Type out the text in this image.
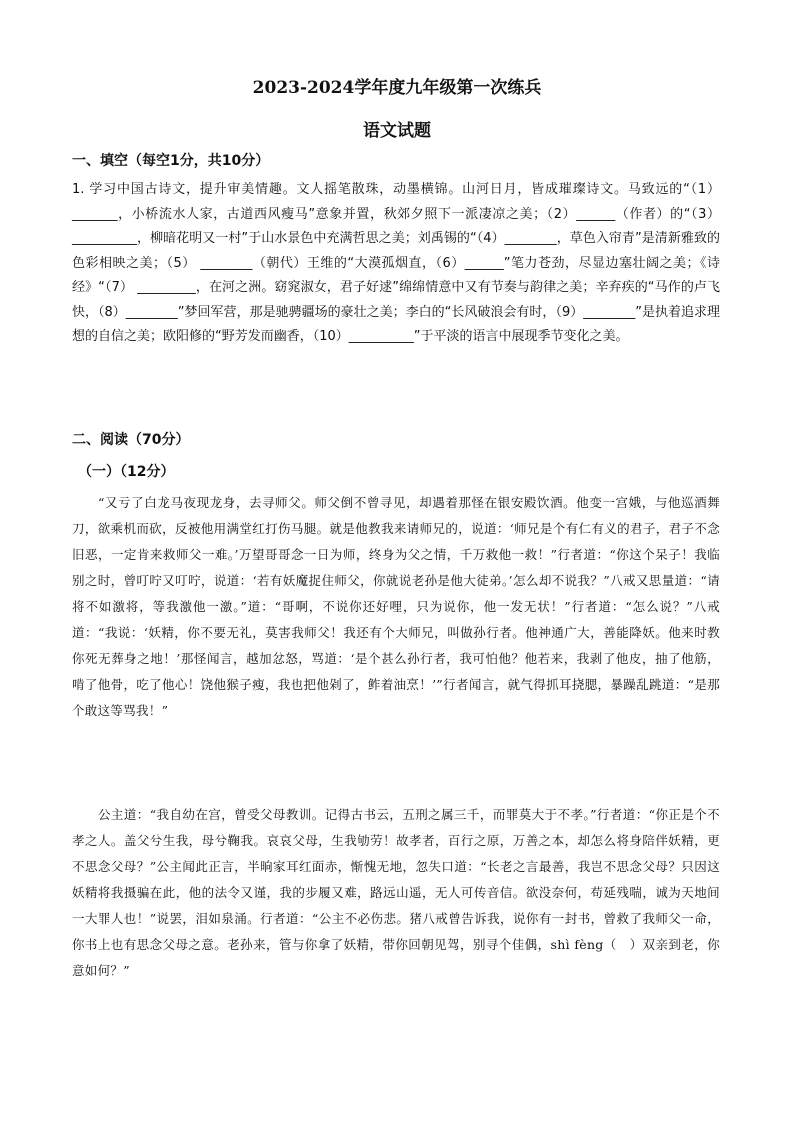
2023-2024学年度九年级第一次练兵
语文试题
一、填空（每空1分，共10分）

1. 学习中国古诗文，提升审美情趣。文人摇笔散珠，动墨横锦。山河日月，皆成璀璨诗文。马致远的“（1）_______，小桥流水人家，古道西风瘦马”意象并置，秋郊夕照下一派凄凉之美；（2）______（作者）的“（3）__________，柳暗花明又一村”于山水景色中充满哲思之美；刘禹锡的“（4）________，草色入帘青”是清新雅致的色彩相映之美；（5） ________（朝代）王维的“大漠孤烟直，（6）______”笔力苍劲，尽显边塞壮阔之美；《诗经》“（7） _________，在河之洲。窈窕淑女，君子好逑”绵绵情意中又有节奏与韵律之美；辛弃疾的“马作的卢飞快，（8）________”梦回军营，那是驰骋疆场的豪壮之美；李白的“长风破浪会有时，（9）________”是执着追求理想的自信之美；欧阳修的“野芳发而幽香，（10）__________”于平淡的语言中展现季节变化之美。

二、阅读（70分）
（一）（12分）

“又亏了白龙马夜现龙身，去寻师父。师父倒不曾寻见，却遇着那怪在银安殿饮酒。他变一宫娥，与他巡酒舞刀，欲乘机而砍，反被他用满堂红打伤马腿。就是他教我来请师兄的，说道：‘师兄是个有仁有义的君子，君子不念旧恶，一定肯来救师父一难。’万望哥哥念一日为师，终身为父之情，千万救他一救！”行者道：“你这个呆子！我临别之时，曾叮咛又叮咛，说道：‘若有妖魔捉住师父，你就说老孙是他大徒弟。’怎么却不说我？”八戒又思量道：“请将不如激将，等我激他一激。”道：“哥啊，不说你还好哩，只为说你，他一发无状！”行者道：“怎么说？”八戒道：“我说：‘妖精，你不要无礼，莫害我师父！我还有个大师兄，叫做孙行者。他神通广大，善能降妖。他来时教你死无葬身之地！’那怪闻言，越加忿怒，骂道：‘是个甚么孙行者，我可怕他？他若来，我剥了他皮，抽了他筋，啃了他骨，吃了他心！饶他猴子瘦，我也把他剁了，鲊着油烹！’”行者闻言，就气得抓耳挠腮，暴躁乱跳道：“是那个敢这等骂我！”

公主道：“我自幼在宫，曾受父母教训。记得古书云，五刑之属三千，而罪莫大于不孝。”行者道：“你正是个不孝之人。盖父兮生我，母兮鞠我。哀哀父母，生我劬劳！故孝者，百行之原，万善之本，却怎么将身陪伴妖精，更不思念父母？”公主闻此正言，半晌家耳红面赤，惭愧无地，忽失口道：“长老之言最善，我岂不思念父母？只因这妖精将我摄骗在此，他的法令又谨，我的步履又难，路远山遥，无人可传音信。欲没奈何，苟延残喘，诚为天地间一大罪人也！”说罢，泪如泉涌。行者道：“公主不必伤悲。猪八戒曾告诉我，说你有一封书，曾救了我师父一命，你书上也有思念父母之意。老孙来，管与你拿了妖精，带你回朝见驾，别寻个佳偶，shì fèng（　）双亲到老，你意如何？”
